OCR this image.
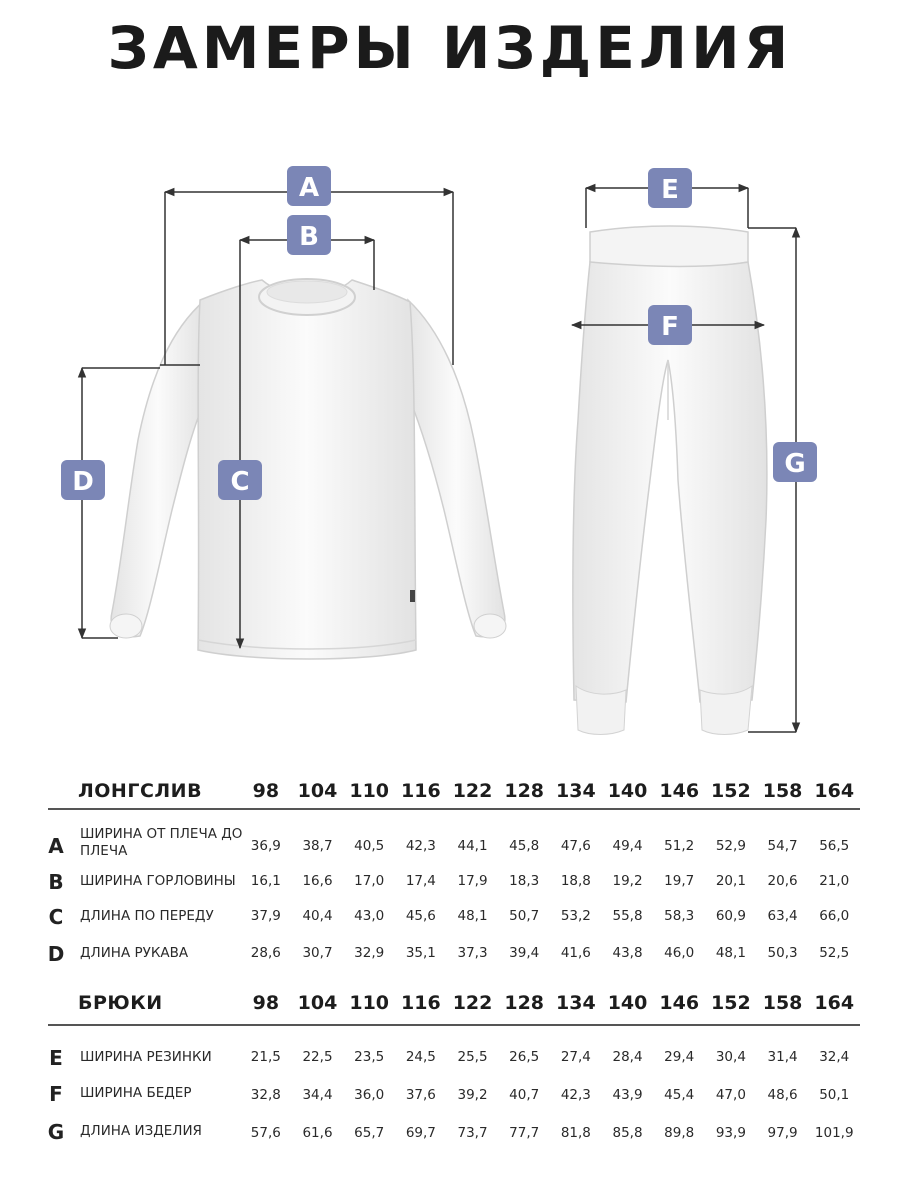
ЗАМЕРЫ ИЗДЕЛИЯ
A
B
C
D
E
F
G
ЛОНГСЛИВ	98 104 110 116 122 128 134 140 146 152 158 164
A	ШИРИНА ОТ ПЛЕЧА ДО ПЛЕЧА	36,9	38,7	40,5	42,3	44,1	45,8	47,6	49,4	51,2	52,9	54,7	56,5
B	ШИРИНА ГОРЛОВИНЫ	16,1	16,6	17,0	17,4	17,9	18,3	18,8	19,2	19,7	20,1	20,6	21,0
C	ДЛИНА ПО ПЕРЕДУ	37,9	40,4	43,0	45,6	48,1	50,7	53,2	55,8	58,3	60,9	63,4	66,0
D ДЛИНА РУКАВА	28,6	30,7	32,9	35,1	37,3	39,4	41,6	43,8	46,0	48,1	50,3	52,5
БРЮКИ	98 104 110 116 122 128 134 140 146 152 158 164
E	ШИРИНА РЕЗИНКИ	21,5	22,5	23,5	24,5	25,5	26,5	27,4	28,4	29,4	30,4	31,4	32,4
F	ШИРИНА БЕДЕР	32,8	34,4	36,0	37,6	39,2	40,7	42,3	43,9	45,4	47,0	48,6	50,1
G ДЛИНА ИЗДЕЛИЯ	57,6	61,6	65,7	69,7	73,7	77,7	81,8	85,8	89,8	93,9	97,9	101,9
